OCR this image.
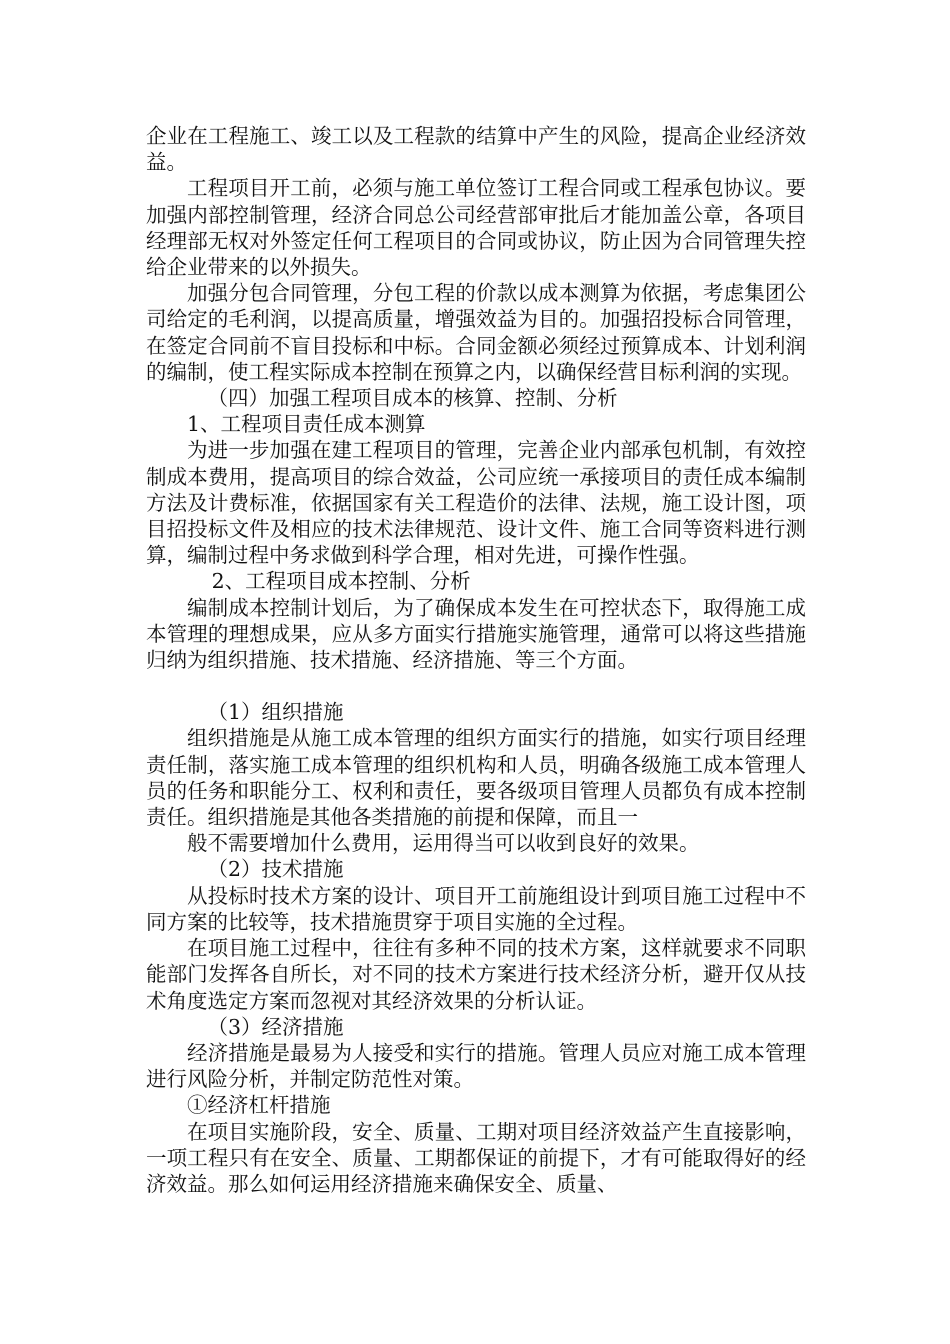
企业在工程施工、竣工以及工程款的结算中产生的风险，提高企业经济效益。

工程项目开工前，必须与施工单位签订工程合同或工程承包协议。要加强内部控制管理，经济合同总公司经营部审批后才能加盖公章，各项目经理部无权对外签定任何工程项目的合同或协议，防止因为合同管理失控给企业带来的以外损失。

加强分包合同管理，分包工程的价款以成本测算为依据，考虑集团公司给定的毛利润，以提高质量，增强效益为目的。加强招投标合同管理，在签定合同前不盲目投标和中标。合同金额必须经过预算成本、计划利润的编制，使工程实际成本控制在预算之内，以确保经营目标利润的实现。

（四）加强工程项目成本的核算、控制、分析

1、工程项目责任成本测算

为进一步加强在建工程项目的管理，完善企业内部承包机制，有效控制成本费用，提高项目的综合效益，公司应统一承接项目的责任成本编制方法及计费标准，依据国家有关工程造价的法律、法规，施工设计图，项目招投标文件及相应的技术法律规范、设计文件、施工合同等资料进行测算，编制过程中务求做到科学合理，相对先进，可操作性强。

2、工程项目成本控制、分析

编制成本控制计划后，为了确保成本发生在可控状态下，取得施工成本管理的理想成果，应从多方面实行措施实施管理，通常可以将这些措施归纳为组织措施、技术措施、经济措施、等三个方面。

（1）组织措施

组织措施是从施工成本管理的组织方面实行的措施，如实行项目经理责任制，落实施工成本管理的组织机构和人员，明确各级施工成本管理人员的任务和职能分工、权利和责任，要各级项目管理人员都负有成本控制责任。组织措施是其他各类措施的前提和保障，而且一

般不需要增加什么费用，运用得当可以收到良好的效果。

（2）技术措施

从投标时技术方案的设计、项目开工前施组设计到项目施工过程中不同方案的比较等，技术措施贯穿于项目实施的全过程。

在项目施工过程中，往往有多种不同的技术方案，这样就要求不同职能部门发挥各自所长，对不同的技术方案进行技术经济分析，避开仅从技术角度选定方案而忽视对其经济效果的分析认证。

（3）经济措施

经济措施是最易为人接受和实行的措施。管理人员应对施工成本管理进行风险分析，并制定防范性对策。

①经济杠杆措施

在项目实施阶段，安全、质量、工期对项目经济效益产生直接影响，一项工程只有在安全、质量、工期都保证的前提下，才有可能取得好的经济效益。那么如何运用经济措施来确保安全、质量、
